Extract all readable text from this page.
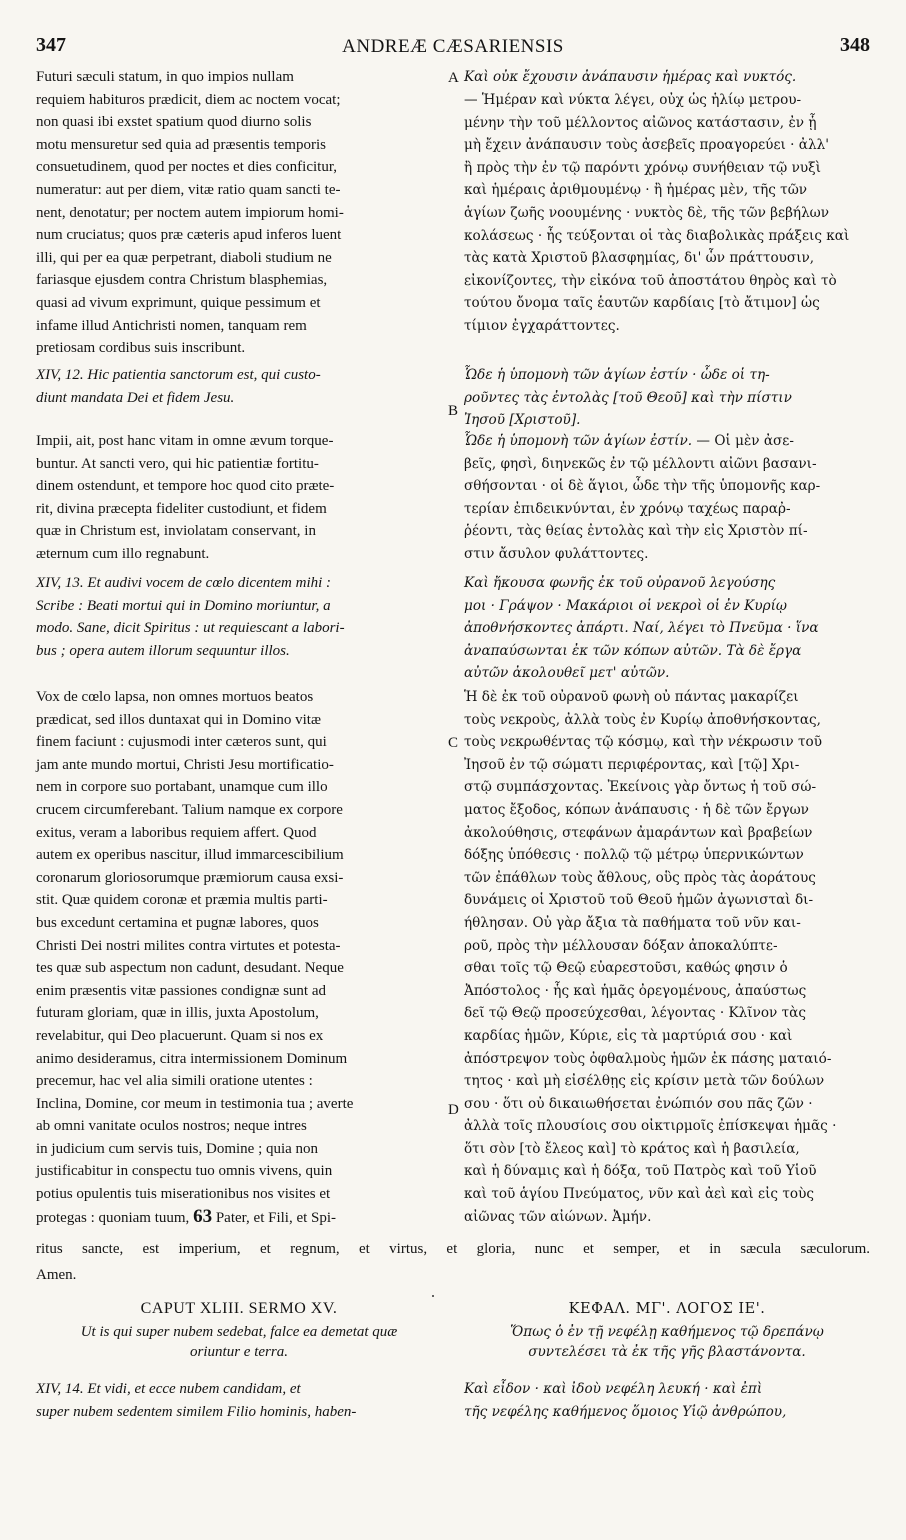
347	ANDREÆ CÆSARIENSIS	348
A
B
C
D
Futuri sæculi statum, in quo impios nullam
requiem habituros prædicit, diem ac noctem vocat;
non quasi ibi exstet spatium quod diurno solis
motu mensuretur sed quia ad præsentis temporis
consuetudinem, quod per noctes et dies conficitur,
numeratur: aut per diem, vitæ ratio quam sancti te-
nent, denotatur; per noctem autem impiorum homi-
num cruciatus; quos præ cæteris apud inferos luent
illi, qui per ea quæ perpetrant, diaboli studium ne
fariasque ejusdem contra Christum blasphemias,
quasi ad vivum exprimunt, quique pessimum et
infame illud Antichristi nomen, tanquam rem
pretiosam cordibus suis inscribunt.
XIV, 12. Hic patientia sanctorum est, qui custo-
diunt mandata Dei et fidem Jesu.
Impii, ait, post hanc vitam in omne ævum torque-
buntur. At sancti vero, qui hic patientiæ fortitu-
dinem ostendunt, et tempore hoc quod cito præte-
rit, divina præcepta fideliter custodiunt, et fidem
quæ in Christum est, inviolatam conservant, in
æternum cum illo regnabunt.
XIV, 13. Et audivi vocem de cœlo dicentem mihi :
Scribe : Beati mortui qui in Domino moriuntur, a
modo. Sane, dicit Spiritus : ut requiescant a labori-
bus ; opera autem illorum sequuntur illos.
Vox de cœlo lapsa, non omnes mortuos beatos
prædicat, sed illos duntaxat qui in Domino vitæ
finem faciunt : cujusmodi inter cæteros sunt, qui
jam ante mundo mortui, Christi Jesu mortificatio-
nem in corpore suo portabant, unamque cum illo
crucem circumferebant. Talium namque ex corpore
exitus, veram a laboribus requiem affert. Quod
autem ex operibus nascitur, illud immarcescibilium
coronarum gloriosorumque præmiorum causa exsi-
stit. Quæ quidem coronæ et præmia multis parti-
bus excedunt certamina et pugnæ labores, quos
Christi Dei nostri milites contra virtutes et potesta-
tes quæ sub aspectum non cadunt, desudant. Neque
enim præsentis vitæ passiones condignæ sunt ad
futuram gloriam, quæ in illis, juxta Apostolum,
revelabitur, qui Deo placuerunt. Quam si nos ex
animo desideramus, citra intermissionem Dominum
precemur, hac vel alia simili oratione utentes :
Inclina, Domine, cor meum in testimonia tua ; averte
ab omni vanitate oculos nostros; neque intres
in judicium cum servis tuis, Domine ; quia non
justificabitur in conspectu tuo omnis vivens, quin
potius opulentis tuis miserationibus nos visites et
protegas : quoniam tuum, 63 Pater, et Fili, et Spi-
Amen.
CAPUT XLIII. SERMO XV.
Ut is qui super nubem sedebat, falce ea demetat quæ
oriuntur e terra.
XIV, 14. Et vidi, et ecce nubem candidam, et
super nubem sedentem similem Filio hominis, haben-
ritus sancte, est imperium, et regnum, et virtus, et gloria, nunc et semper, et in sæcula sæculorum.
Καὶ οὐκ ἔχουσιν ἀνάπαυσιν ἡμέρας καὶ νυκτός.
— Ἡμέραν καὶ νύκτα λέγει, οὐχ ὡς ἡλίῳ μετρου-
μένην τὴν τοῦ μέλλοντος αἰῶνος κατάστασιν, ἐν ᾗ
μὴ ἔχειν ἀνάπαυσιν τοὺς ἀσεβεῖς προαγορεύει · ἀλλ'
ἢ πρὸς τὴν ἐν τῷ παρόντι χρόνῳ συνήθειαν τῷ νυξὶ
καὶ ἡμέραις ἀριθμουμένῳ · ἢ ἡμέρας μὲν, τῆς τῶν
ἁγίων ζωῆς νοουμένης · νυκτὸς δὲ, τῆς τῶν βεβήλων
κολάσεως · ἧς τεύξονται οἱ τὰς διαβολικὰς πράξεις καὶ
τὰς κατὰ Χριστοῦ βλασφημίας, δι' ὧν πράττουσιν,
εἰκονίζοντες, τὴν εἰκόνα τοῦ ἀποστάτου θηρὸς καὶ τὸ
τούτου ὄνομα ταῖς ἑαυτῶν καρδίαις [τὸ ἄτιμον] ὡς
τίμιον ἐγχαράττοντες.
Ὧδε ἡ ὑπομονὴ τῶν ἁγίων ἐστίν · ὧδε οἱ τη-
ροῦντες τὰς ἐντολὰς [τοῦ Θεοῦ] καὶ τὴν πίστιν
Ἰησοῦ [Χριστοῦ].
Ὧδε ἡ ὑπομονὴ τῶν ἁγίων ἐστίν. — Οἱ μὲν ἀσε-
βεῖς, φησὶ, διηνεκῶς ἐν τῷ μέλλοντι αἰῶνι βασανι-
σθήσονται · οἱ δὲ ἅγιοι, ὧδε τὴν τῆς ὑπομονῆς καρ-
τερίαν ἐπιδεικνύνται, ἐν χρόνῳ ταχέως παραῤ-
ῥέοντι, τὰς θείας ἐντολὰς καὶ τὴν εἰς Χριστὸν πί-
στιν ἄσυλον φυλάττοντες.
Καὶ ἤκουσα φωνῆς ἐκ τοῦ οὐρανοῦ λεγούσης
μοι · Γράψον · Μακάριοι οἱ νεκροὶ οἱ ἐν Κυρίῳ
ἀποθνήσκοντες ἀπάρτι. Ναί, λέγει τὸ Πνεῦμα · ἵνα
ἀναπαύσωνται ἐκ τῶν κόπων αὐτῶν. Τὰ δὲ ἔργα
αὐτῶν ἀκολουθεῖ μετ' αὐτῶν.
Ἡ δὲ ἐκ τοῦ οὐρανοῦ φωνὴ οὐ πάντας μακαρίζει
τοὺς νεκροὺς, ἀλλὰ τοὺς ἐν Κυρίῳ ἀποθνήσκοντας,
τοὺς νεκρωθέντας τῷ κόσμῳ, καὶ τὴν νέκρωσιν τοῦ
Ἰησοῦ ἐν τῷ σώματι περιφέροντας, καὶ [τῷ] Χρι-
στῷ συμπάσχοντας. Ἐκείνοις γὰρ ὄντως ἡ τοῦ σώ-
ματος ἔξοδος, κόπων ἀνάπαυσις · ἡ δὲ τῶν ἔργων
ἀκολούθησις, στεφάνων ἀμαράντων καὶ βραβείων
δόξης ὑπόθεσις · πολλῷ τῷ μέτρῳ ὑπερνικώντων
τῶν ἐπάθλων τοὺς ἄθλους, οὓς πρὸς τὰς ἀοράτους
δυνάμεις οἱ Χριστοῦ τοῦ Θεοῦ ἡμῶν ἀγωνισταὶ δι-
ήθλησαν. Οὐ γὰρ ἄξια τὰ παθήματα τοῦ νῦν και-
ροῦ, πρὸς τὴν μέλλουσαν δόξαν ἀποκαλύπτε-
σθαι τοῖς τῷ Θεῷ εὐαρεστοῦσι, καθώς φησιν ὁ
Ἀπόστολος · ἧς καὶ ἡμᾶς ὀρεγομένους, ἀπαύστως
δεῖ τῷ Θεῷ προσεύχεσθαι, λέγοντας · Κλῖνον τὰς
καρδίας ἡμῶν, Κύριε, εἰς τὰ μαρτύριά σου · καὶ
ἀπόστρεψον τοὺς ὀφθαλμοὺς ἡμῶν ἐκ πάσης ματαιό-
τητος · καὶ μὴ εἰσέλθῃς εἰς κρίσιν μετὰ τῶν δούλων
σου · ὅτι οὐ δικαιωθήσεται ἐνώπιόν σου πᾶς ζῶν ·
ἀλλὰ τοῖς πλουσίοις σου οἰκτιρμοῖς ἐπίσκεψαι ἡμᾶς ·
ὅτι σὸν [τὸ ἔλεος καὶ] τὸ κράτος καὶ ἡ βασιλεία,
καὶ ἡ δύναμις καὶ ἡ δόξα, τοῦ Πατρὸς καὶ τοῦ Υἱοῦ
καὶ τοῦ ἁγίου Πνεύματος, νῦν καὶ ἀεὶ καὶ εἰς τοὺς
αἰῶνας τῶν αἰώνων. Ἀμήν.
ΚΕΦΑΛ. ΜΓ'. ΛΟΓΟΣ ΙΕ'.
Ὅπως ὁ ἐν τῇ νεφέλῃ καθήμενος τῷ δρεπάνῳ
συντελέσει τὰ ἐκ τῆς γῆς βλαστάνοντα.
Καὶ εἶδον · καὶ ἰδοὺ νεφέλη λευκή · καὶ ἐπὶ
τῆς νεφέλης καθήμενος ὅμοιος Υἱῷ ἀνθρώπου,
